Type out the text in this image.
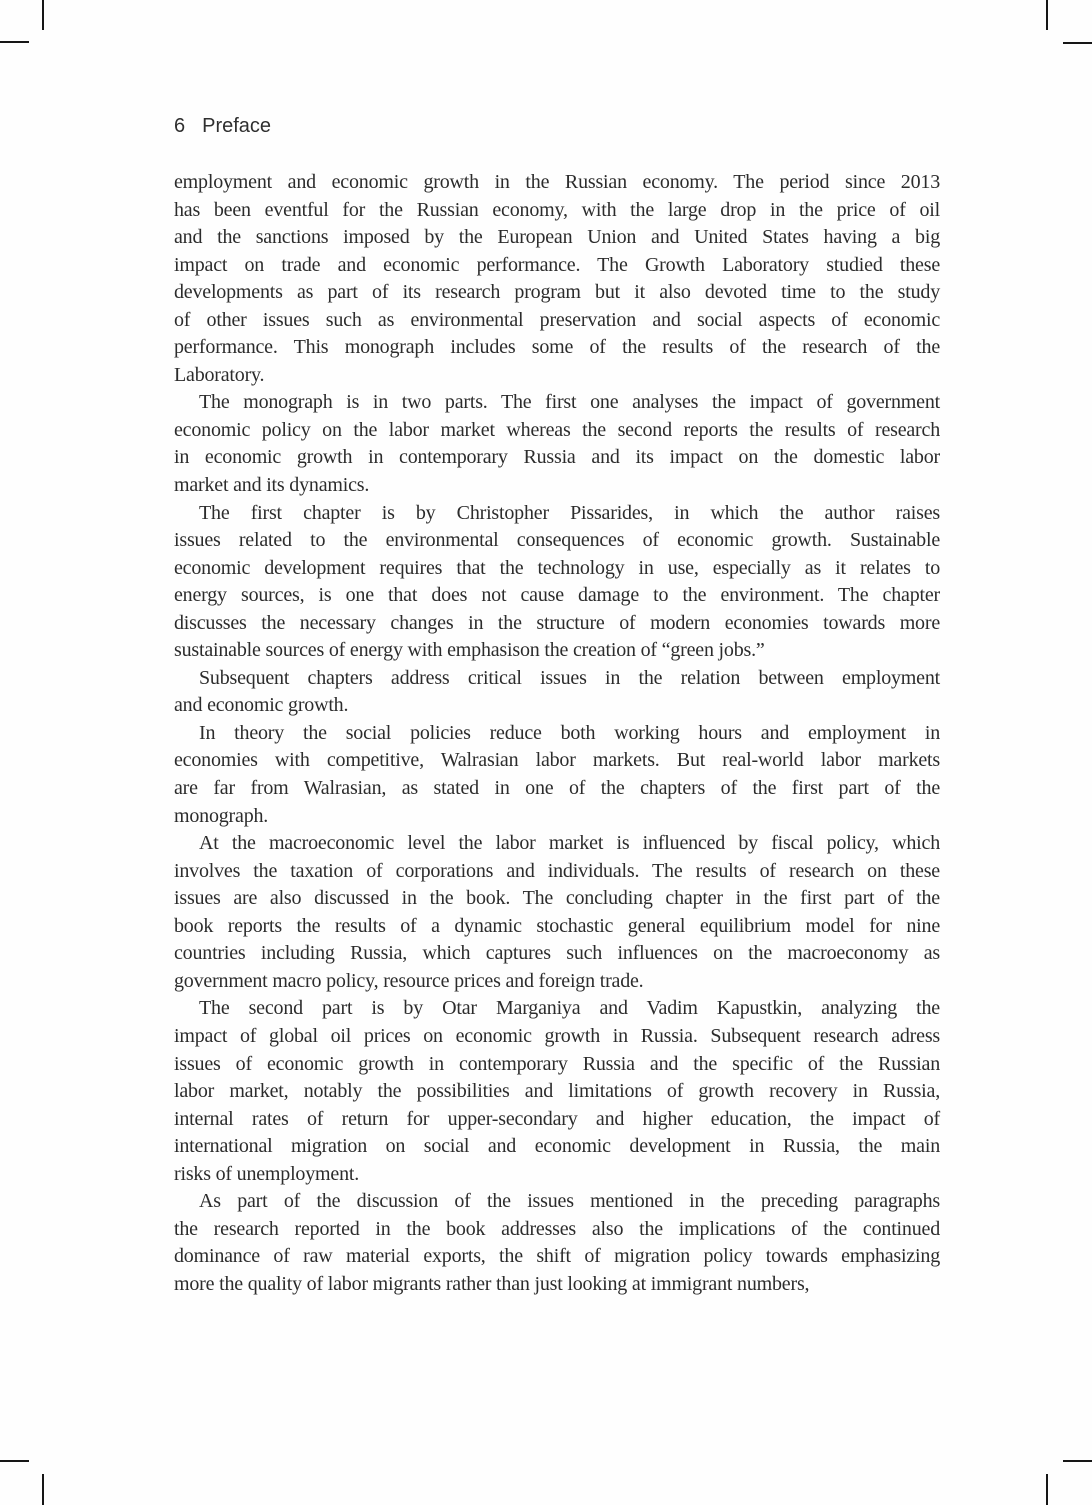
6 Preface
employment and economic growth in the Russian economy. The period since 2013
has been eventful for the Russian economy, with the large drop in the price of oil
and the sanctions imposed by the European Union and United States having a big
impact on trade and economic performance. The Growth Laboratory studied these
developments as part of its research program but it also devoted time to the study
of other issues such as environmental preservation and social aspects of economic
performance. This monograph includes some of the results of the research of the
Laboratory.
The monograph is in two parts. The first one analyses the impact of government
economic policy on the labor market whereas the second reports the results of research
in economic growth in contemporary Russia and its impact on the domestic labor
market and its dynamics.
The first chapter is by Christopher Pissarides, in which the author raises
issues related to the environmental consequences of economic growth. Sustainable
economic development requires that the technology in use, especially as it relates to
energy sources, is one that does not cause damage to the environment. The chapter
discusses the necessary changes in the structure of modern economies towards more
sustainable sources of energy with emphasison the creation of “green jobs.”
Subsequent chapters address critical issues in the relation between employment
and economic growth.
In theory the social policies reduce both working hours and employment in
economies with competitive, Walrasian labor markets. But real-world labor markets
are far from Walrasian, as stated in one of the chapters of the first part of the
monograph.
At the macroeconomic level the labor market is influenced by fiscal policy, which
involves the taxation of corporations and individuals. The results of research on these
issues are also discussed in the book. The concluding chapter in the first part of the
book reports the results of a dynamic stochastic general equilibrium model for nine
countries including Russia, which captures such influences on the macroeconomy as
government macro policy, resource prices and foreign trade.
The second part is by Otar Marganiya and Vadim Kapustkin, analyzing the
impact of global oil prices on economic growth in Russia. Subsequent research adress
issues of economic growth in contemporary Russia and the specific of the Russian
labor market, notably the possibilities and limitations of growth recovery in Russia,
internal rates of return for upper-secondary and higher education, the impact of
international migration on social and economic development in Russia, the main
risks of unemployment.
As part of the discussion of the issues mentioned in the preceding paragraphs
the research reported in the book addresses also the implications of the continued
dominance of raw material exports, the shift of migration policy towards emphasizing
more the quality of labor migrants rather than just looking at immigrant numbers,
